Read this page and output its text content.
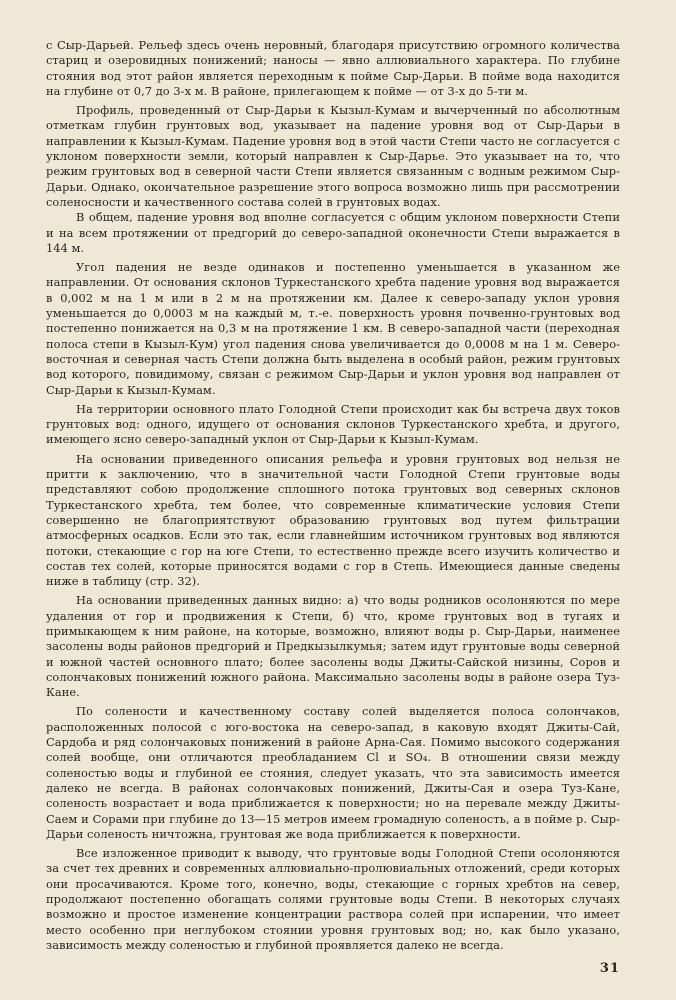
с Сыр-Дарьей. Рельеф здесь очень неровный, благодаря присутствию огромного количества стариц и озеровидных понижений; наносы — явно аллювиального характера. По глубине стояния вод этот район является переходным к пойме Сыр-Дарьи. В пойме вода находится на глубине от 0,7 до 3-х м. В районе, прилегающем к пойме — от 3-х до 5-ти м.

Профиль, проведенный от Сыр-Дарьи к Кызыл-Кумам и вычерченный по абсолютным отметкам глубин грунтовых вод, указывает на падение уровня вод от Сыр-Дарьи в направлении к Кызыл-Кумам. Падение уровня вод в этой части Степи часто не согласуется с уклоном поверхности земли, который направлен к Сыр-Дарье. Это указывает на то, что режим грунтовых вод в северной части Степи является связанным с водным режимом Сыр-Дарьи. Однако, окончательное разрешение этого вопроса возможно лишь при рассмотрении соленосности и качественного состава солей в грунтовых водах.

В общем, падение уровня вод вполне согласуется с общим уклоном поверхности Степи и на всем протяжении от предгорий до северо-западной оконечности Степи выражается в 144 м.

Угол падения не везде одинаков и постепенно уменьшается в указанном же направлении. От основания склонов Туркестанского хребта падение уровня вод выражается в 0,002 м на 1 м или в 2 м на протяжении км. Далее к северо-западу уклон уровня уменьшается до 0,0003 м на каждый м, т.-е. поверхность уровня почвенно-грунтовых вод постепенно понижается на 0,3 м на протяжение 1 км. В северо-западной части (переходная полоса степи в Кызыл-Кум) угол падения снова увеличивается до 0,0008 м на 1 м. Северо-восточная и северная часть Степи должна быть выделена в особый район, режим грунтовых вод которого, повидимому, связан с режимом Сыр-Дарьи и уклон уровня вод направлен от Сыр-Дарьи к Кызыл-Кумам.

На территории основного плато Голодной Степи происходит как бы встреча двух токов грунтовых вод: одного, идущего от основания склонов Туркестанского хребта, и другого, имеющего ясно северо-западный уклон от Сыр-Дарьи к Кызыл-Кумам.

На основании приведенного описания рельефа и уровня грунтовых вод нельзя не притти к заключению, что в значительной части Голодной Степи грунтовые воды представляют собою продолжение сплошного потока грунтовых вод северных склонов Туркестанского хребта, тем более, что современные климатические условия Степи совершенно не благоприятствуют образованию грунтовых вод путем фильтрации атмосферных осадков. Если это так, если главнейшим источником грунтовых вод являются потоки, стекающие с гор на юге Степи, то естественно прежде всего изучить количество и состав тех солей, которые приносятся водами с гор в Степь. Имеющиеся данные сведены ниже в таблицу (стр. 32).

На основании приведенных данных видно: а) что воды родников осолоняются по мере удаления от гор и продвижения к Степи, б) что, кроме грунтовых вод в тугаях и примыкающем к ним районе, на которые, возможно, влияют воды р. Сыр-Дарьи, наименее засолены воды районов предгорий и Предкызылкумья; затем идут грунтовые воды северной и южной частей основного плато; более засолены воды Джиты-Сайской низины, Соров и солончаковых понижений южного района. Максимально засолены воды в районе озера Туз-Кане.

По солености и качественному составу солей выделяется полоса солончаков, расположенных полосой с юго-востока на северо-запад, в каковую входят Джиты-Сай, Сардоба и ряд солончаковых понижений в районе Арна-Сая. Помимо высокого содержания солей вообще, они отличаются преобладанием Cl и SO₄. В отношении связи между соленостью воды и глубиной ее стояния, следует указать, что эта зависимость имеется далеко не всегда. В районах солончаковых понижений, Джиты-Сая и озера Туз-Кане, соленость возрастает и вода приближается к поверхности; но на перевале между Джиты-Саем и Сорами при глубине до 13—15 метров имеем громадную соленость, а в пойме р. Сыр-Дарьи соленость ничтожна, грунтовая же вода приближается к поверхности.

Все изложенное приводит к выводу, что грунтовые воды Голодной Степи осолоняются за счет тех древних и современных аллювиально-пролювиальных отложений, среди которых они просачиваются. Кроме того, конечно, воды, стекающие с горных хребтов на север, продолжают постепенно обогащать солями грунтовые воды Степи. В некоторых случаях возможно и простое изменение концентрации раствора солей при испарении, что имеет место особенно при неглубоком стоянии уровня грунтовых вод; но, как было указано, зависимость между соленостью и глубиной проявляется далеко не всегда.

31
